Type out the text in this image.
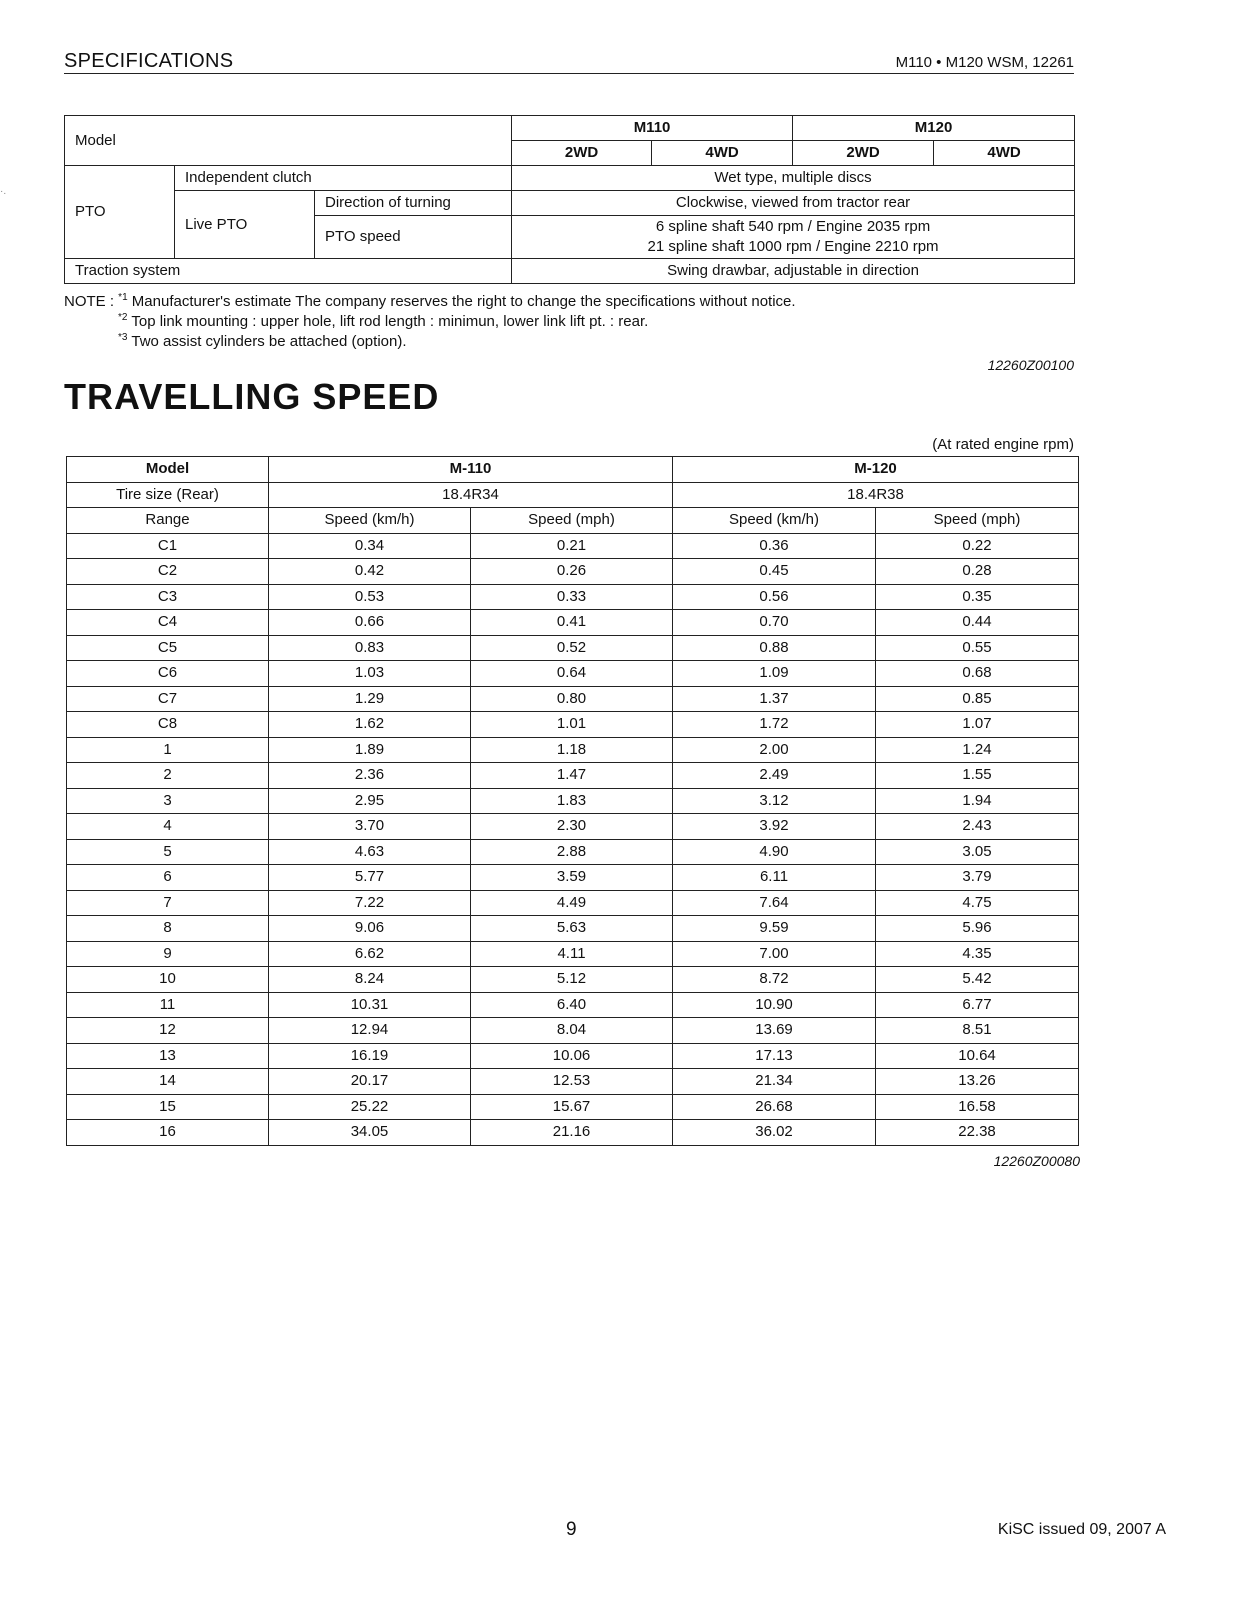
SPECIFICATIONS	M110 • M120 WSM, 12261
·.
Model			M110		M120	
			2WD	4WD	2WD	4WD
PTO	Independent clutch		Wet type, multiple discs			
	Live PTO	Direction of turning	Clockwise, viewed from tractor rear			
		PTO speed	6 spline shaft 540 rpm / Engine 2035 rpm
21 spline shaft 1000 rpm / Engine 2210 rpm			

Traction system			Swing drawbar, adjustable in direction			
NOTE : $^{*1}$ Manufacturer's estimate The company reserves the right to change the specifications without notice.
$^{*2}$ Top link mounting : upper hole, lift rod length : minimun, lower link lift pt. : rear.
$^{*3}$ Two assist cylinders be attached (option).
12260Z00100
TRAVELLING SPEED
(At rated engine rpm)
Model	M-110		M-120	
Tire size (Rear)	18.4R34		18.4R38	
Range	Speed (km/h)	Speed (mph)	Speed (km/h)	Speed (mph)
C1	0.34	0.21	0.36	0.22
C2	0.42	0.26	0.45	0.28
C3	0.53	0.33	0.56	0.35
C4	0.66	0.41	0.70	0.44
C5	0.83	0.52	0.88	0.55
C6	1.03	0.64	1.09	0.68
C7	1.29	0.80	1.37	0.85
C8	1.62	1.01	1.72	1.07
1	1.89	1.18	2.00	1.24
2	2.36	1.47	2.49	1.55
3	2.95	1.83	3.12	1.94
4	3.70	2.30	3.92	2.43
5	4.63	2.88	4.90	3.05
6	5.77	3.59	6.11	3.79
7	7.22	4.49	7.64	4.75
8	9.06	5.63	9.59	5.96
9	6.62	4.11	7.00	4.35
10	8.24	5.12	8.72	5.42
11	10.31	6.40	10.90	6.77
12	12.94	8.04	13.69	8.51
13	16.19	10.06	17.13	10.64
14	20.17	12.53	21.34	13.26
15	25.22	15.67	26.68	16.58
16	34.05	21.16	36.02	22.38
12260Z00080
9	KiSC issued 09, 2007 A
